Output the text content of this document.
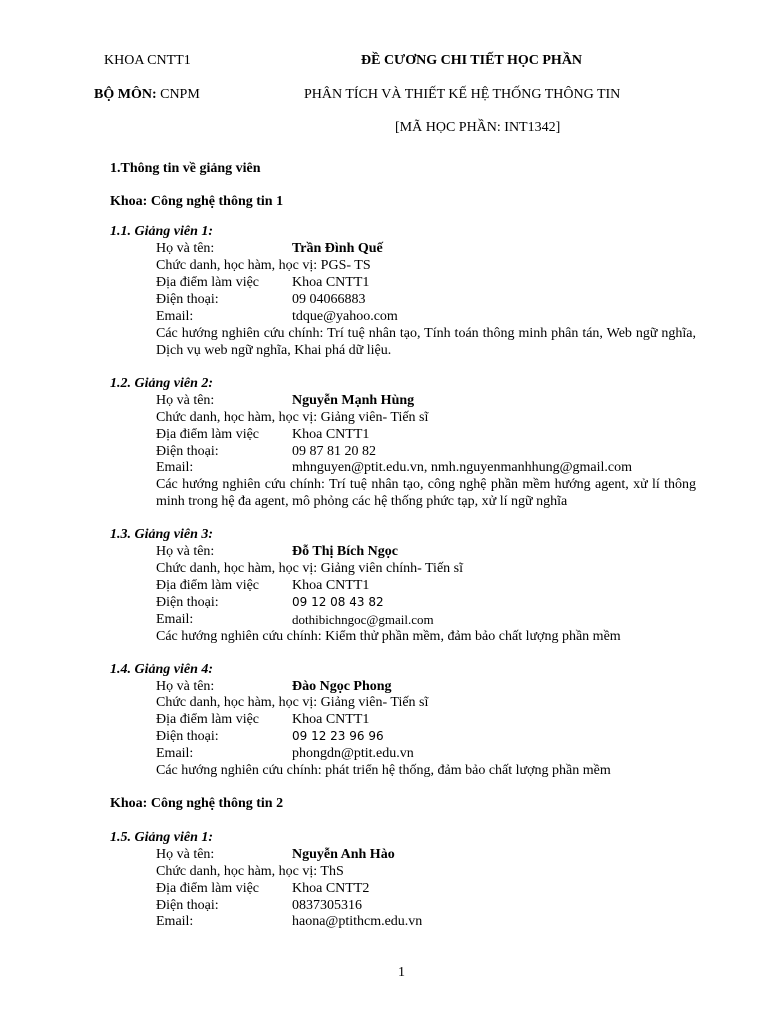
KHOA CNTT1	ĐỀ CƯƠNG CHI TIẾT HỌC PHẦN
BỘ MÔN: CNPM	PHÂN TÍCH VÀ THIẾT KẾ HỆ THỐNG THÔNG TIN
[MÃ HỌC PHẦN: INT1342]
1.Thông tin về giảng viên
Khoa: Công nghệ thông tin 1
1.1. Giảng viên 1:
Họ và tên:	Trần Đình Quế
Chức danh, học hàm, học vị: PGS- TS
Địa điểm làm việc Khoa CNTT1
Điện thoại:	09 04066883
Email:	tdque@yahoo.com
Các hướng nghiên cứu chính: Trí tuệ nhân tạo, Tính toán thông minh phân tán, Web ngữ nghĩa, Dịch vụ web ngữ nghĩa, Khai phá dữ liệu.
1.2. Giảng viên 2:
Họ và tên:	Nguyễn Mạnh Hùng
Chức danh, học hàm, học vị: Giảng viên- Tiến sĩ
Địa điểm làm việc Khoa CNTT1
Điện thoại:	09 87 81 20 82
Email:	mhnguyen@ptit.edu.vn, nmh.nguyenmanhhung@gmail.com
Các hướng nghiên cứu chính: Trí tuệ nhân tạo, công nghệ phần mềm hướng agent, xử lí thông minh trong hệ đa agent, mô phỏng các hệ thống phức tạp, xử lí ngữ nghĩa
1.3. Giảng viên 3:
Họ và tên:	Đỗ Thị Bích Ngọc
Chức danh, học hàm, học vị: Giảng viên chính- Tiến sĩ
Địa điểm làm việc Khoa CNTT1
Điện thoại:	09 12 08 43 82
Email:	dothibichngoc@gmail.com
Các hướng nghiên cứu chính: Kiểm thử phần mềm, đảm bảo chất lượng phần mềm
1.4. Giảng viên 4:
Họ và tên:	Đào Ngọc Phong
Chức danh, học hàm, học vị: Giảng viên- Tiến sĩ
Địa điểm làm việc Khoa CNTT1
Điện thoại:	09 12 23 96 96
Email:	phongdn@ptit.edu.vn
Các hướng nghiên cứu chính: phát triển hệ thống, đảm bảo chất lượng phần mềm
Khoa: Công nghệ thông tin 2
1.5. Giảng viên 1:
Họ và tên:	Nguyễn Anh Hào
Chức danh, học hàm, học vị: ThS
Địa điểm làm việc Khoa CNTT2
Điện thoại:	0837305316
Email:	haona@ptithcm.edu.vn
1
